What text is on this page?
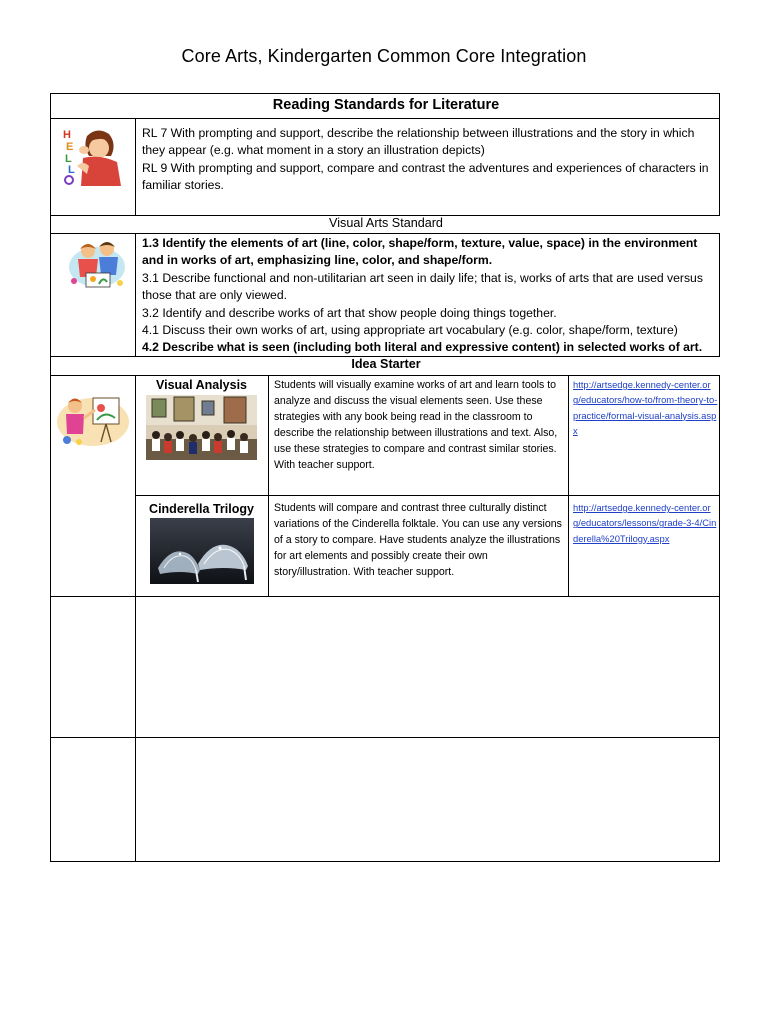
Core Arts, Kindergarten Common Core Integration
Reading Standards for Literature
H
E
L
L

RL 7 With prompting and support, describe the relationship between illustrations and the story in which they appear (e.g. what moment in a story an illustration depicts)

RL 9 With prompting and support, compare and contrast the adventures and experiences of characters in familiar stories.

Visual Arts Standard

1.3 Identify the elements of art (line, color, shape/form, texture, value, space) in the environment and in works of art, emphasizing line, color, and shape/form.

3.1 Describe functional and non-utilitarian art seen in daily life; that is, works of arts that are used versus those that are only viewed.

3.2 Identify and describe works of art that show people doing things together.

4.1 Discuss their own works of art, using appropriate art vocabulary (e.g. color, shape/form, texture)

4.2 Describe what is seen (including both literal and expressive content) in selected works of art.

Idea Starter
Visual Analysis	Students will visually examine works of art and learn tools to analyze and discuss the visual elements seen. Use these strategies with any book being read in the classroom to describe the relationship between illustrations and text. Also, use these strategies to compare and contrast similar stories. With teacher support.
http://artsedge.kennedy-center.org/educators/how-to/from-theory-to-practice/formal-visual-analysis.aspx
Cinderella Trilogy	Students will compare and contrast three culturally distinct variations of the Cinderella folktale. You can use any versions of a story to compare. Have students analyze the illustrations for art elements and possibly create their own story/illustration. With teacher support.
http://artsedge.kennedy-center.org/educators/lessons/grade-3-4/Cinderella%20Trilogy.aspx
